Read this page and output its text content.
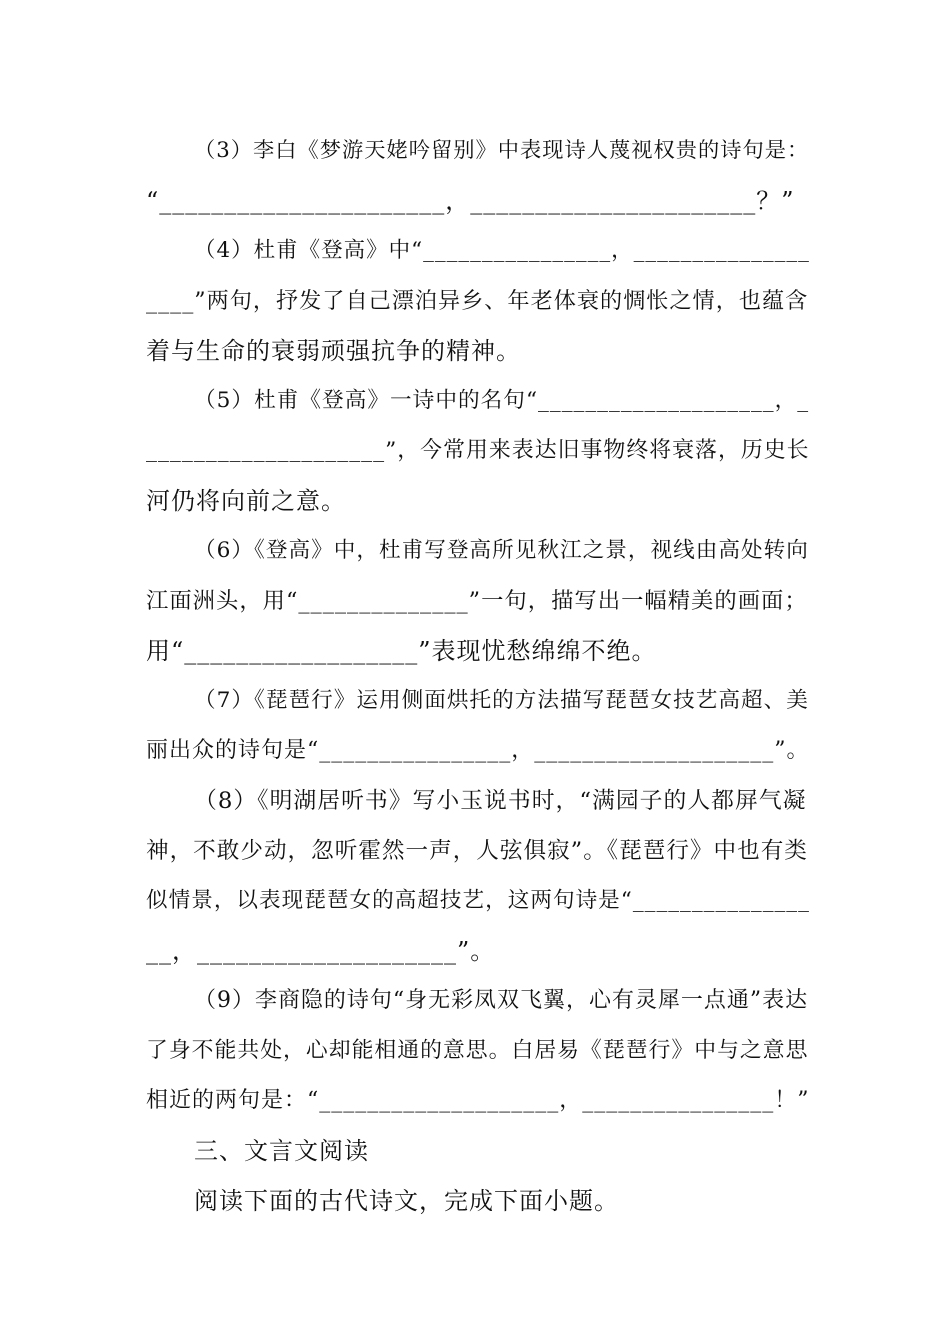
（3）李白《梦游天姥吟留别》中表现诗人蔑视权贵的诗句是：
“______________________，______________________？”
（4）杜甫《登高》中“________________，_______________
____”两句，抒发了自己漂泊异乡、年老体衰的惆怅之情，也蕴含
着与生命的衰弱顽强抗争的精神。
（5）杜甫《登高》一诗中的名句“____________________，_
____________________”，今常用来表达旧事物终将衰落，历史长
河仍将向前之意。
（6）《登高》中，杜甫写登高所见秋江之景，视线由高处转向
江面洲头，用“______________”一句，描写出一幅精美的画面；
用“__________________”表现忧愁绵绵不绝。
（7）《琵琶行》运用侧面烘托的方法描写琵琶女技艺高超、美
丽出众的诗句是“________________，____________________”。
（8）《明湖居听书》写小玉说书时，“满园子的人都屏气凝
神，不敢少动，忽听霍然一声，人弦俱寂”。《琵琶行》中也有类
似情景，以表现琵琶女的高超技艺，这两句诗是“_______________
__，____________________”。
（9）李商隐的诗句“身无彩凤双飞翼，心有灵犀一点通”表达
了身不能共处，心却能相通的意思。白居易《琵琶行》中与之意思
相近的两句是：“____________________，________________！”
三、文言文阅读
阅读下面的古代诗文，完成下面小题。
